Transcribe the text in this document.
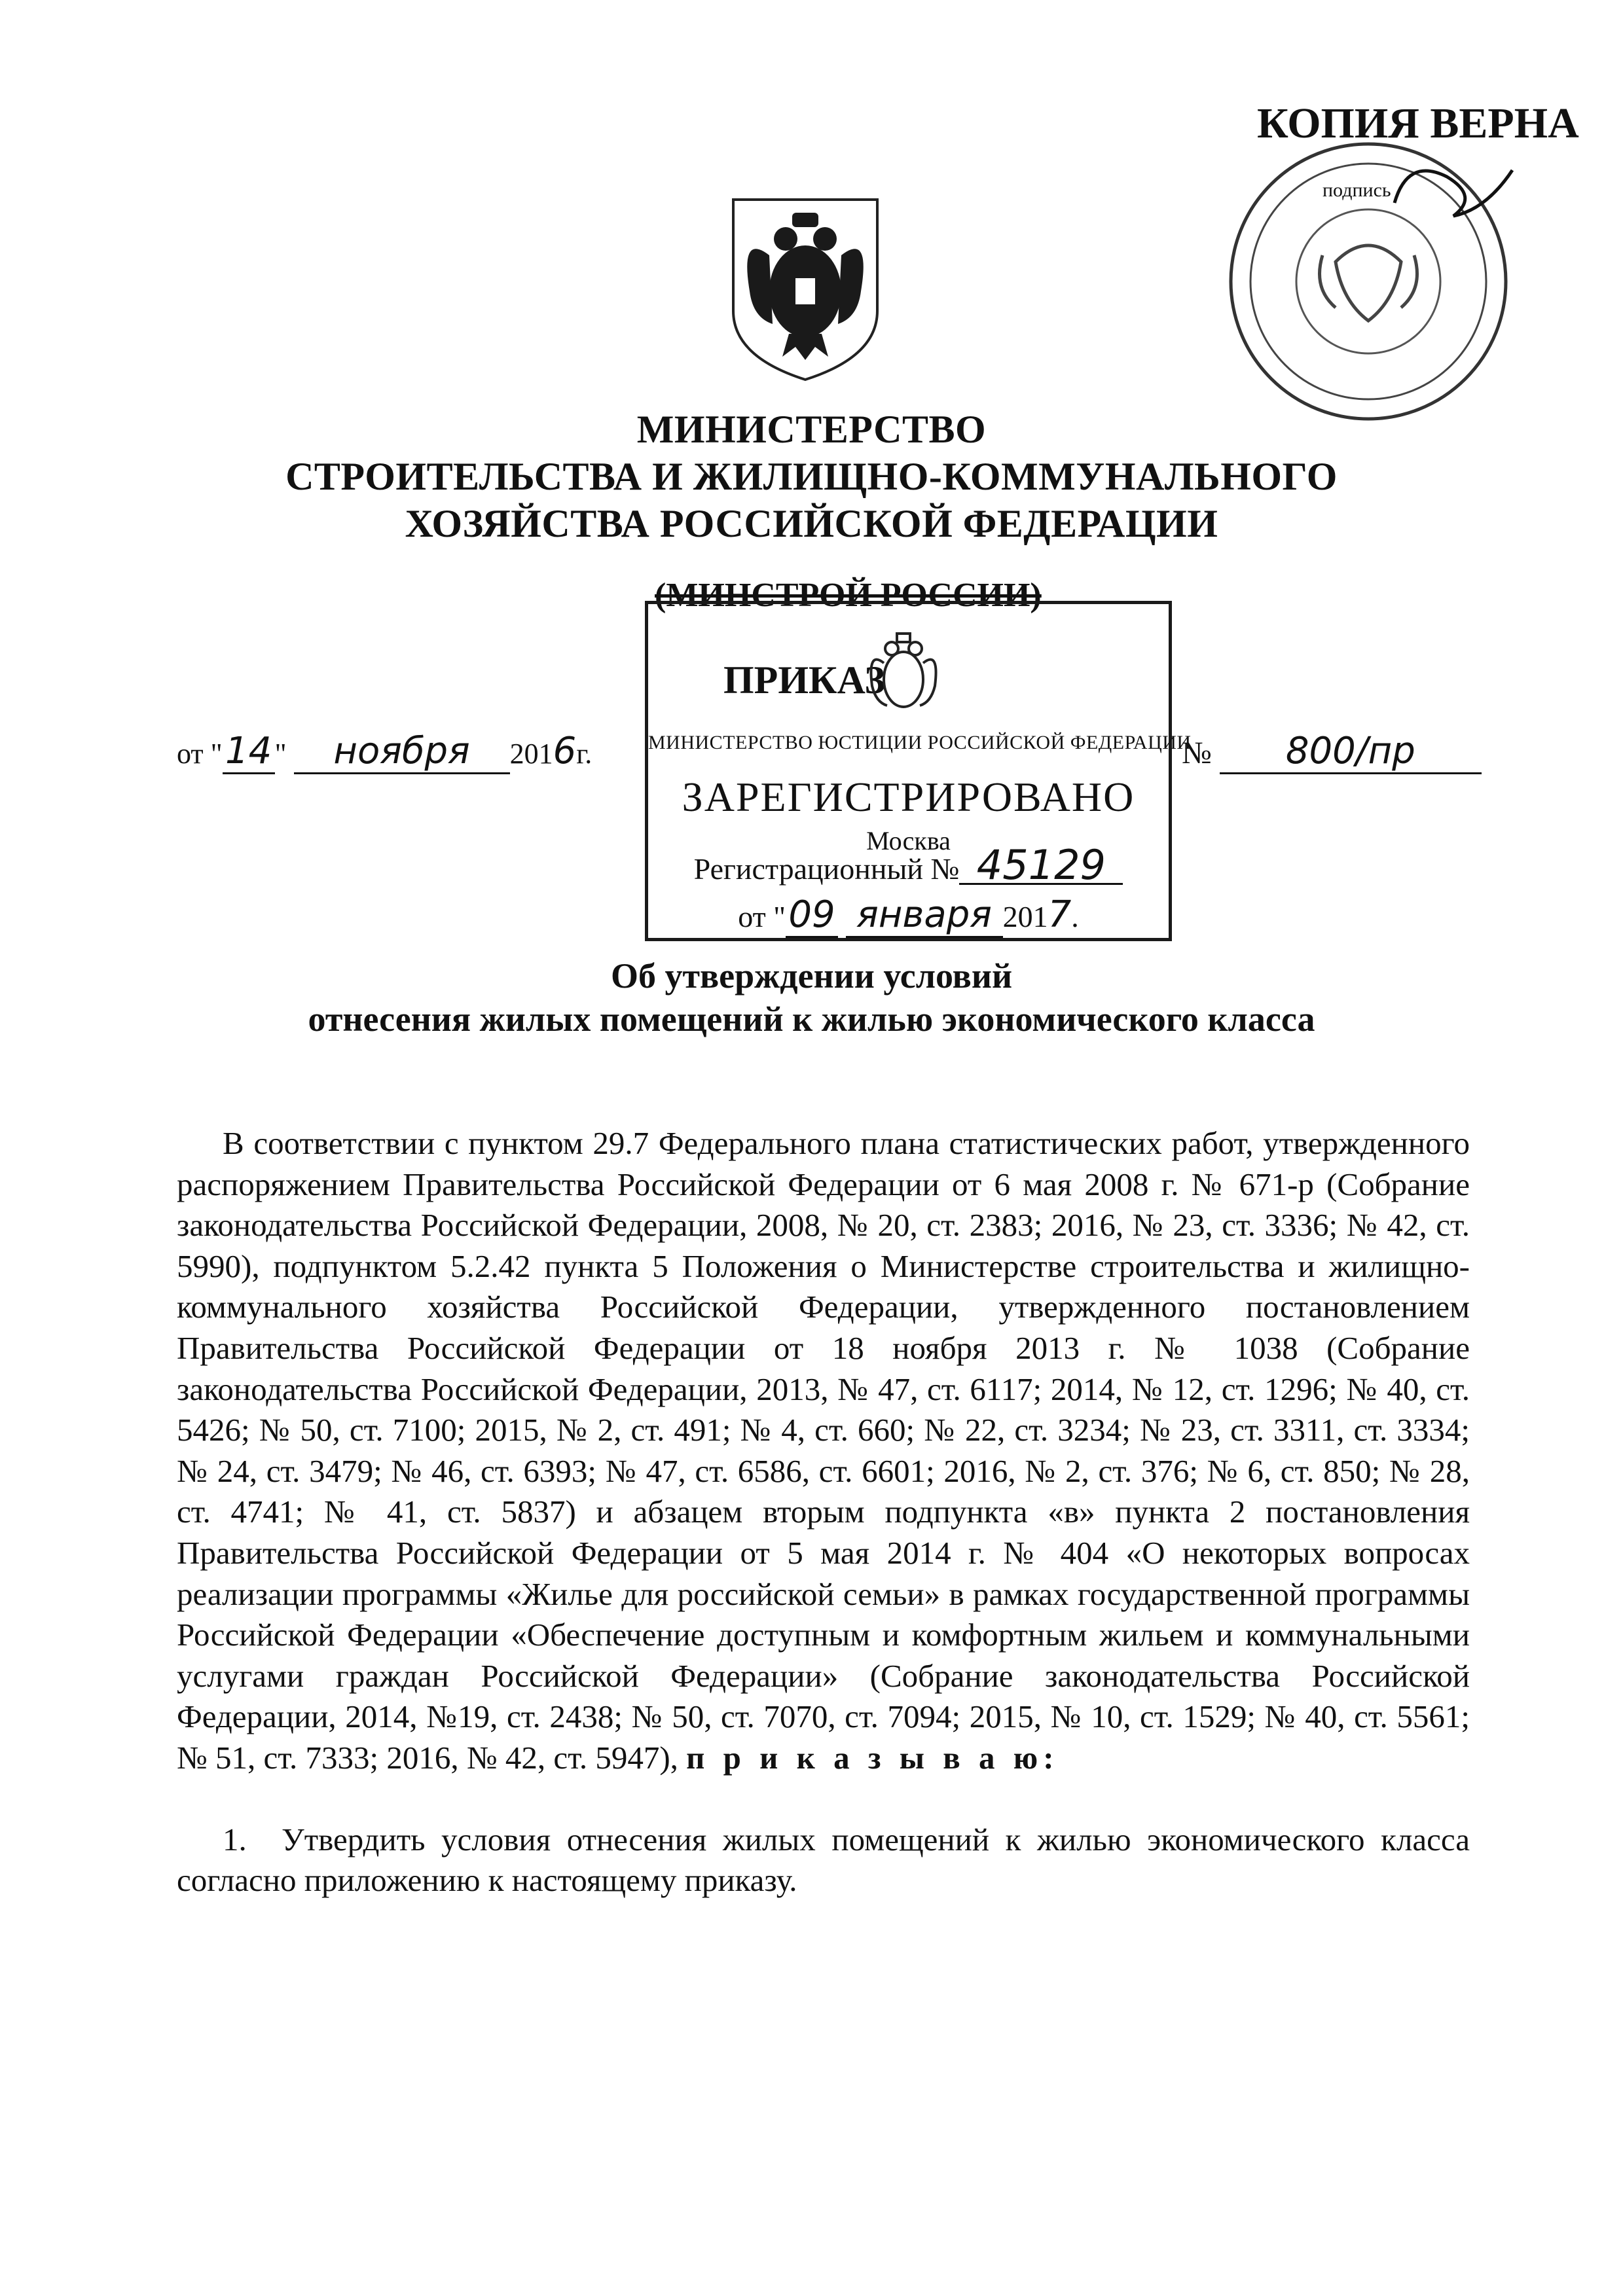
КОПИЯ ВЕРНА
подпись
МИНИСТЕРСТВО
СТРОИТЕЛЬСТВА И ЖИЛИЩНО-КОММУНАЛЬНОГО
ХОЗЯЙСТВА РОССИЙСКОЙ ФЕДЕРАЦИИ
(МИНСТРОЙ РОССИИ)
ПРИКАЗ
от "14" ноября 2016г.	МИНИСТЕРСТВО ЮСТИЦИИ РОССИЙСКОЙ ФЕДЕРАЦИИ
ЗАРЕГИСТРИРОВАНО
Москва
Регистрационный № 45129
от "09 января 2017.
№ 800/пр
Об утверждении условий
отнесения жилых помещений к жилью экономического класса

В соответствии с пунктом 29.7 Федерального плана статистических работ, утвержденного распоряжением Правительства Российской Федерации от 6 мая 2008 г. № 671-р (Собрание законодательства Российской Федерации, 2008, № 20, ст. 2383; 2016, № 23, ст. 3336; № 42, ст. 5990), подпунктом 5.2.42 пункта 5 Положения о Министерстве строительства и жилищно-коммунального хозяйства Российской Федерации, утвержденного постановлением Правительства Российской Федерации от 18 ноября 2013 г. № 1038 (Собрание законодательства Российской Федерации, 2013, № 47, ст. 6117; 2014, № 12, ст. 1296; № 40, ст. 5426; № 50, ст. 7100; 2015, № 2, ст. 491; № 4, ст. 660; № 22, ст. 3234; № 23, ст. 3311, ст. 3334; № 24, ст. 3479; № 46, ст. 6393; № 47, ст. 6586, ст. 6601; 2016, № 2, ст. 376; № 6, ст. 850; № 28, ст. 4741; № 41, ст. 5837) и абзацем вторым подпункта «в» пункта 2 постановления Правительства Российской Федерации от 5 мая 2014 г. № 404 «О некоторых вопросах реализации программы «Жилье для российской семьи» в рамках государственной программы Российской Федерации «Обеспечение доступным и комфортным жильем и коммунальными услугами граждан Российской Федерации» (Собрание законодательства Российской Федерации, 2014, №19, ст. 2438; № 50, ст. 7070, ст. 7094; 2015, № 10, ст. 1529; № 40, ст. 5561; № 51, ст. 7333; 2016, № 42, ст. 5947), п р и к а з ы в а ю:

1. Утвердить условия отнесения жилых помещений к жилью экономического класса согласно приложению к настоящему приказу.
